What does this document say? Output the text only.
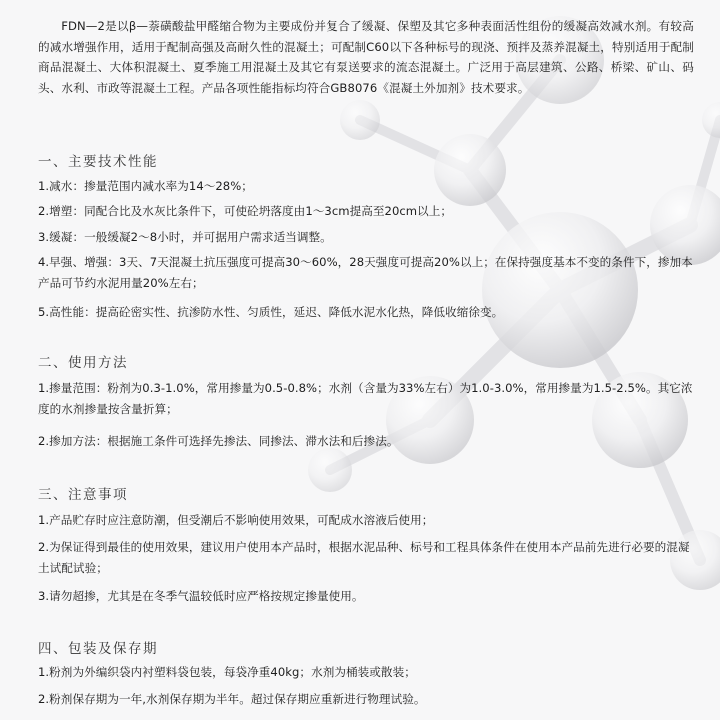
FDN—2是以β—萘磺酸盐甲醛缩合物为主要成份并复合了缓凝、保塑及其它多种表面活性组份的缓凝高效减水剂。有较高的减水增强作用，适用于配制高强及高耐久性的混凝土；可配制C60以下各种标号的现浇、预拌及蒸养混凝土，特别适用于配制商品混凝土、大体积混凝土、夏季施工用混凝土及其它有泵送要求的流态混凝土。广泛用于高层建筑、公路、桥梁、矿山、码头、水利、市政等混凝土工程。产品各项性能指标均符合GB8076《混凝土外加剂》技术要求。
一、主要技术性能
1.减水：掺量范围内减水率为14～28%；
2.增塑：同配合比及水灰比条件下，可使砼坍落度由1～3cm提高至20cm以上；
3.缓凝：一般缓凝2～8小时，并可据用户需求适当调整。
4.早强、增强：3天、7天混凝土抗压强度可提高30～60%，28天强度可提高20%以上；在保持强度基本不变的条件下，掺加本产品可节约水泥用量20%左右；
5.高性能：提高砼密实性、抗渗防水性、匀质性，延迟、降低水泥水化热，降低收缩徐变。
二、使用方法
1.掺量范围：粉剂为0.3-1.0%，常用掺量为0.5-0.8%；水剂（含量为33%左右）为1.0-3.0%，常用掺量为1.5-2.5%。其它浓度的水剂掺量按含量折算；
2.掺加方法：根据施工条件可选择先掺法、同掺法、滞水法和后掺法。
三、注意事项
1.产品贮存时应注意防潮，但受潮后不影响使用效果，可配成水溶液后使用；
2.为保证得到最佳的使用效果，建议用户使用本产品时，根据水泥品种、标号和工程具体条件在使用本产品前先进行必要的混凝土试配试验；
3.请勿超掺，尤其是在冬季气温较低时应严格按规定掺量使用。
四、包装及保存期
1.粉剂为外编织袋内衬塑料袋包装，每袋净重40kg；水剂为桶装或散装；
2.粉剂保存期为一年,水剂保存期为半年。超过保存期应重新进行物理试验。
